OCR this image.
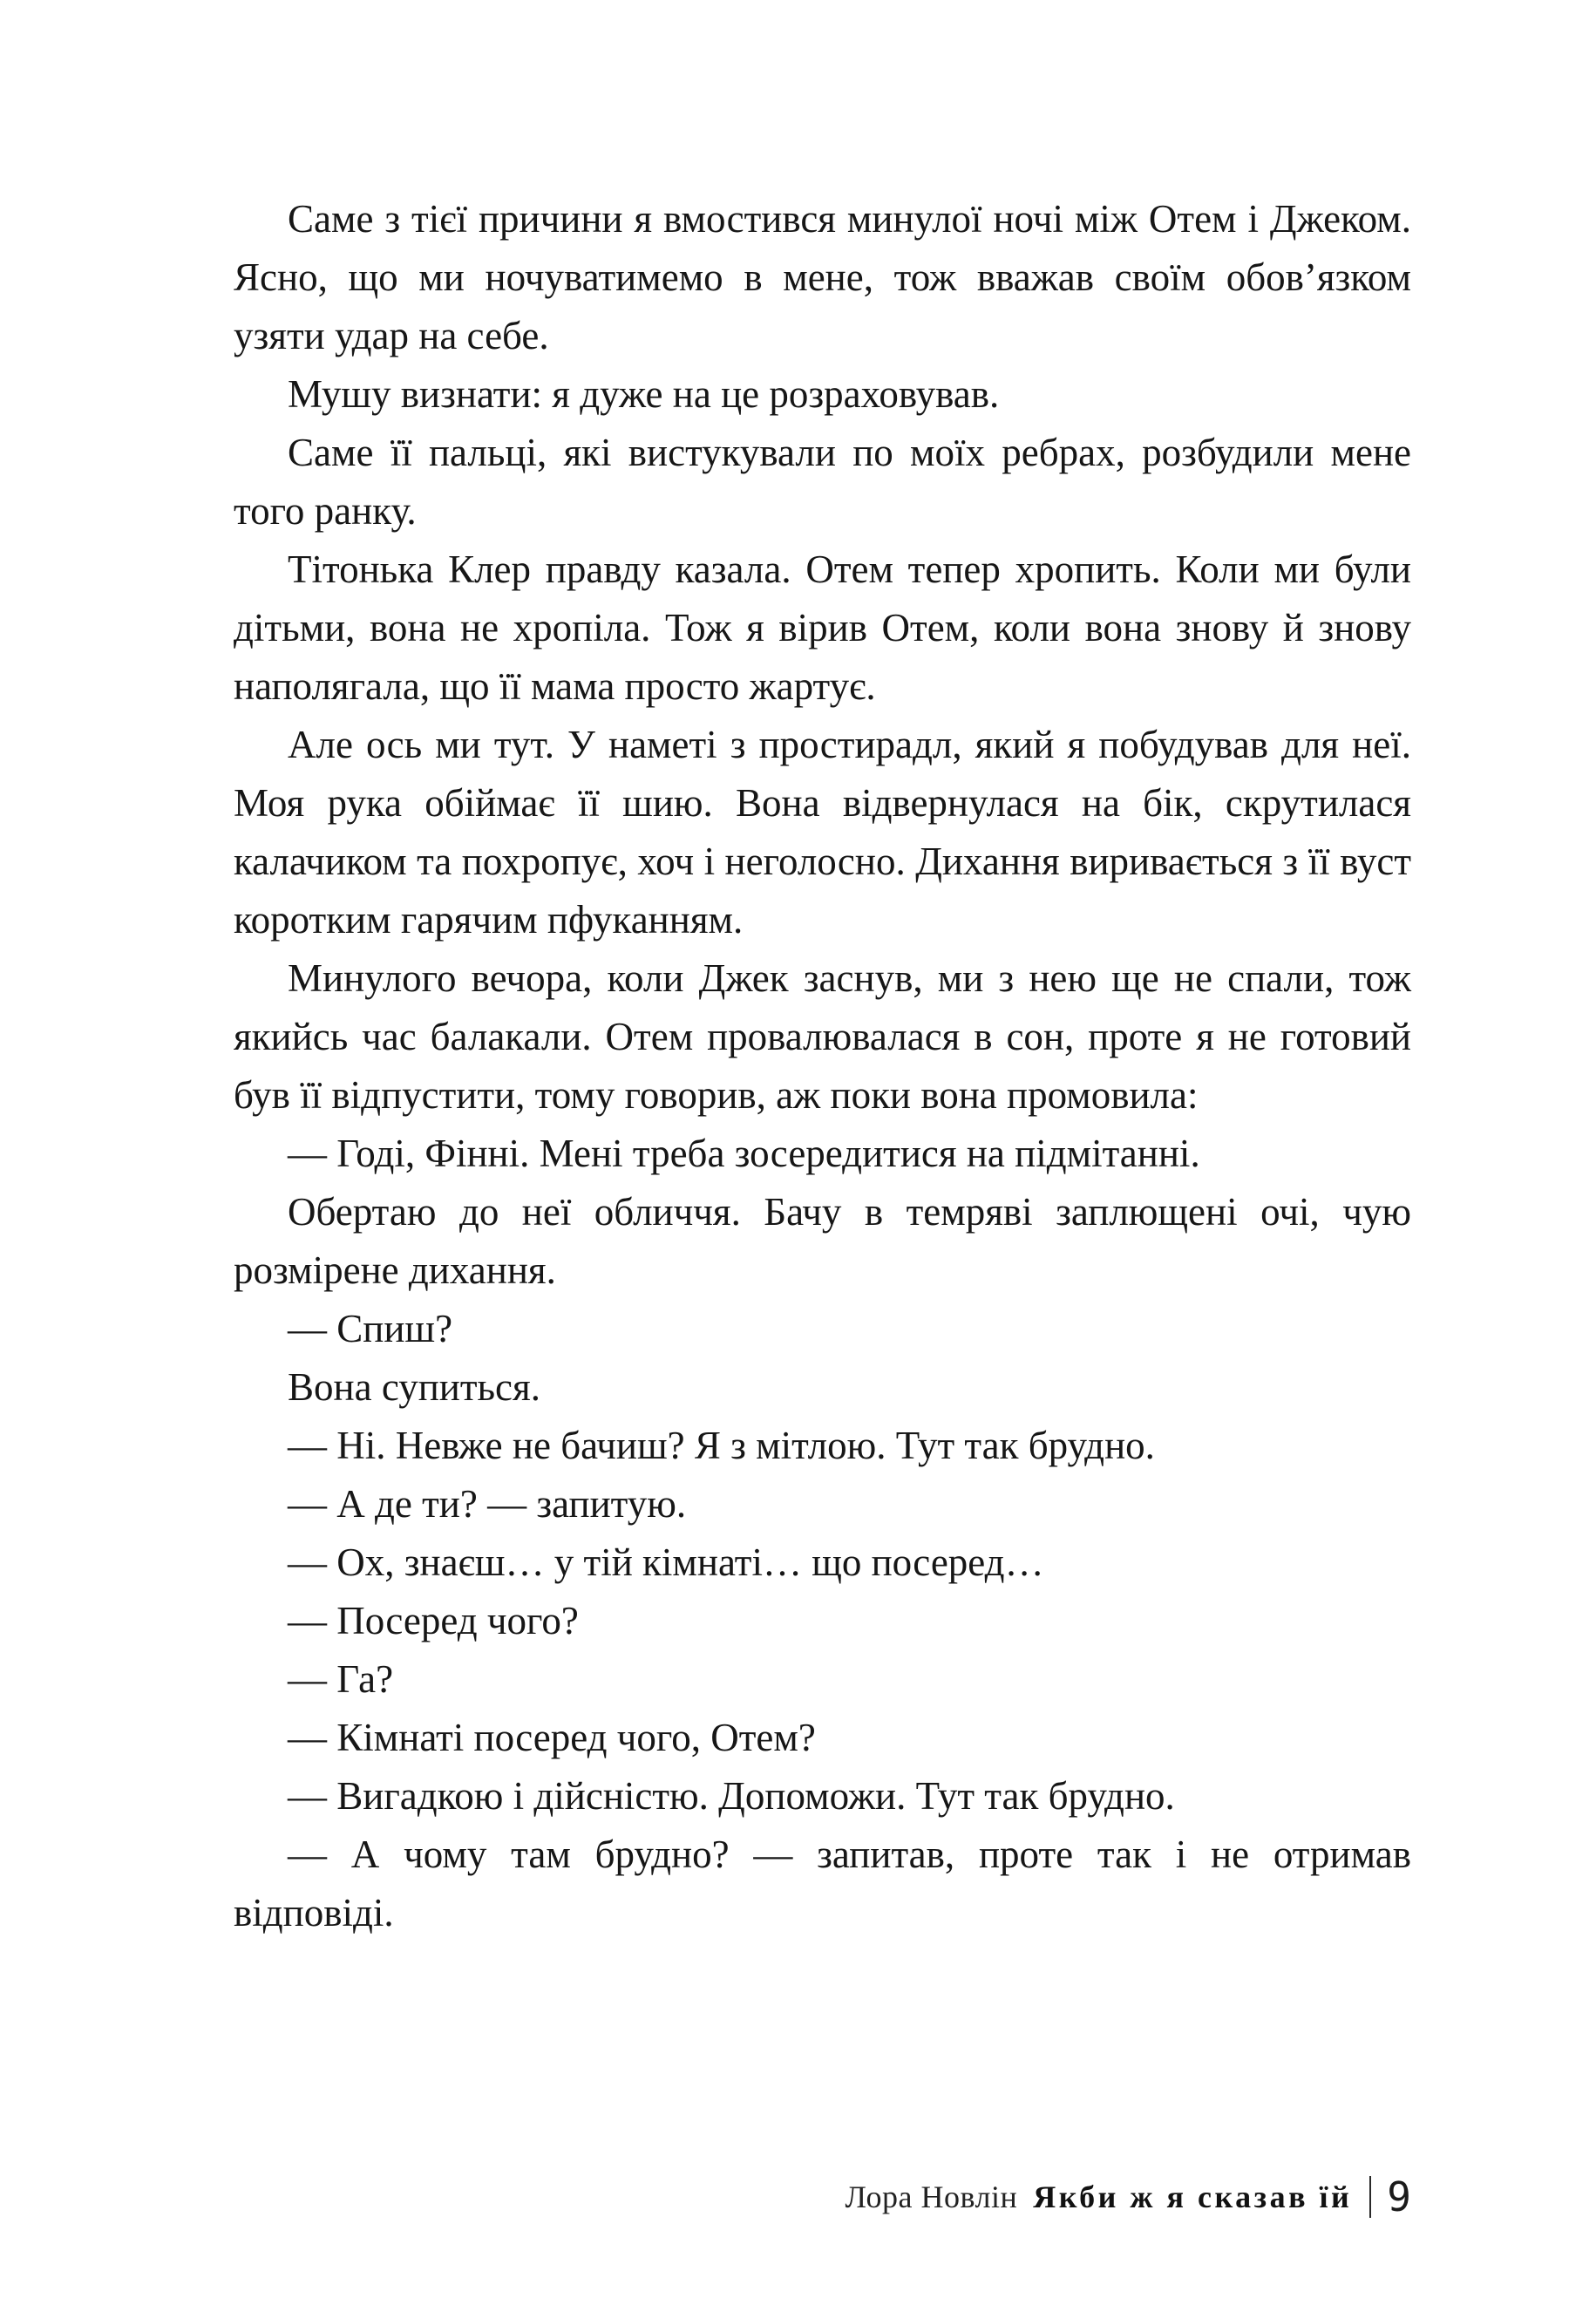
Саме з тієї причини я вмостився минулої ночі між Отем і Джеком. Ясно, що ми ночуватимемо в мене, тож вважав своїм обов’язком узяти удар на себе.

Мушу визнати: я дуже на це розраховував.

Саме її пальці, які вистукували по моїх ребрах, розбудили мене того ранку.

Тітонька Клер правду казала. Отем тепер хропить. Коли ми були дітьми, вона не хропіла. Тож я вірив Отем, коли вона знову й знову наполягала, що її мама просто жартує.

Але ось ми тут. У наметі з простирадл, який я побудував для неї. Моя рука обіймає її шию. Вона відвернулася на бік, скрутилася калачиком та похропує, хоч і неголосно. Дихання виривається з її вуст коротким гарячим пфуканням.

Минулого вечора, коли Джек заснув, ми з нею ще не спали, тож якийсь час балакали. Отем провалювалася в сон, проте я не готовий був її відпустити, тому говорив, аж поки вона промовила:

— Годі, Фінні. Мені треба зосередитися на підмітанні.

Обертаю до неї обличчя. Бачу в темряві заплющені очі, чую розмірене дихання.

— Спиш?

Вона супиться.

— Ні. Невже не бачиш? Я з мітлою. Тут так брудно.

— А де ти? — запитую.

— Ох, знаєш… у тій кімнаті… що посеред…

— Посеред чого?

— Га?

— Кімнаті посеред чого, Отем?

— Вигадкою і дійсністю. Допоможи. Тут так брудно.

— А чому там брудно? — запитав, проте так і не отримав відповіді.

Лора Новлін Якби ж я сказав їй 9
